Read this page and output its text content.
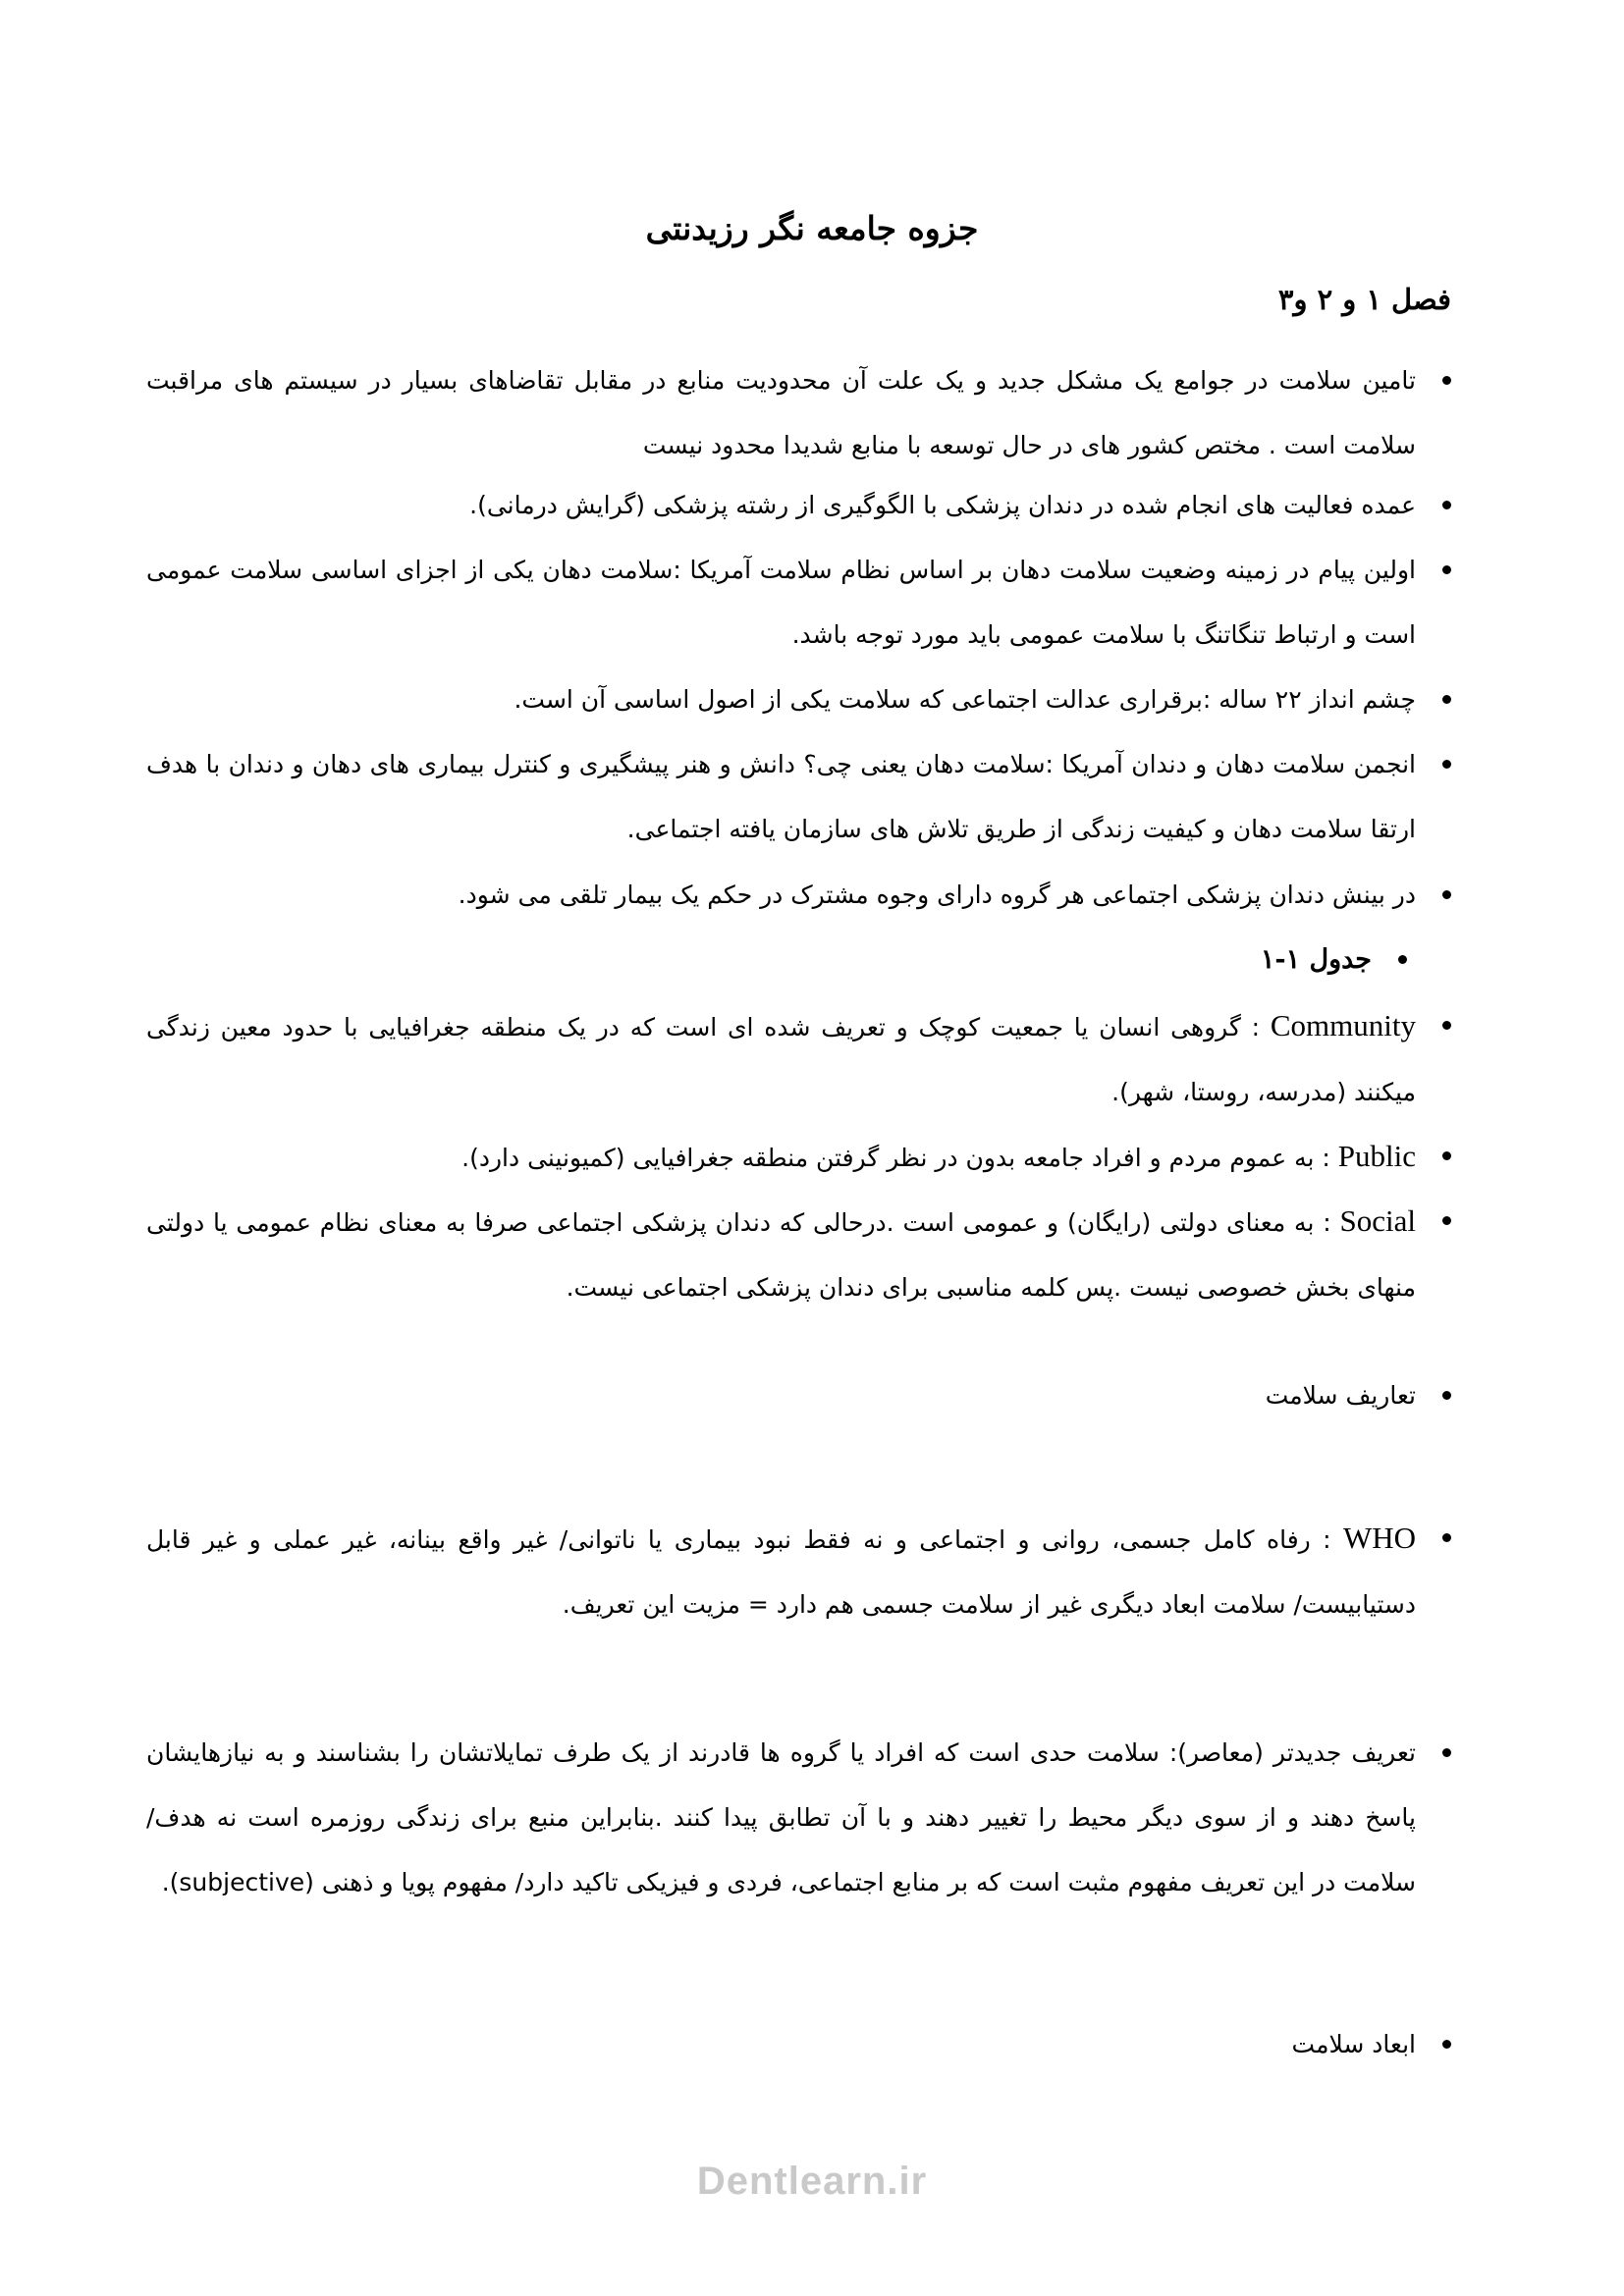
جزوه جامعه نگر رزیدنتی
فصل ۱ و ۲ و۳
تامین سلامت در جوامع یک مشکل جدید و یک علت آن محدودیت منابع در مقابل تقاضاهای بسیار در سیستم های مراقبت سلامت است . مختص کشور های در حال توسعه با منابع شدیدا محدود نیست
عمده فعالیت های انجام شده در دندان پزشکی با الگوگیری از رشته پزشکی (گرایش درمانی).
اولین پیام در زمینه وضعیت سلامت دهان بر اساس نظام سلامت آمریکا :سلامت دهان یکی از اجزای اساسی سلامت عمومی است و ارتباط تنگاتنگ با سلامت عمومی باید مورد توجه باشد.
چشم انداز ۲۲ ساله :برقراری عدالت اجتماعی که سلامت یکی از اصول اساسی آن است.
انجمن سلامت دهان و دندان آمریکا :سلامت دهان یعنی چی؟ دانش و هنر پیشگیری و کنترل بیماری های دهان و دندان با هدف ارتقا سلامت دهان و کیفیت زندگی از طریق تلاش های سازمان یافته اجتماعی.
در بینش دندان پزشکی اجتماعی هر گروه دارای وجوه مشترک در حکم یک بیمار تلقی می شود.
جدول ۱-۱
Community : گروهی انسان یا جمعیت کوچک و تعریف شده ای است که در یک منطقه جغرافیایی با حدود معین زندگی میکنند (مدرسه، روستا، شهر).
Public : به عموم مردم و افراد جامعه بدون در نظر گرفتن منطقه جغرافیایی (کمیونینی دارد).
Social : به معنای دولتی (رایگان) و عمومی است .درحالی که دندان پزشکی اجتماعی صرفا به معنای نظام عمومی یا دولتی منهای بخش خصوصی نیست .پس کلمه مناسبی برای دندان پزشکی اجتماعی نیست.
تعاریف سلامت
WHO : رفاه کامل جسمی، روانی و اجتماعی و نه فقط نبود بیماری یا ناتوانی/ غیر واقع بینانه، غیر عملی و غیر قابل دستیابیست/ سلامت ابعاد دیگری غیر از سلامت جسمی هم دارد = مزیت این تعریف.
تعریف جدیدتر (معاصر): سلامت حدی است که افراد یا گروه ها قادرند از یک طرف تمایلاتشان را بشناسند و به نیازهایشان پاسخ دهند و از سوی دیگر محیط را تغییر دهند و با آن تطابق پیدا کنند .بنابراین منبع برای زندگی روزمره است نه هدف/ سلامت در این تعریف مفهوم مثبت است که بر منابع اجتماعی، فردی و فیزیکی تاکید دارد/ مفهوم پویا و ذهنی (subjective).
ابعاد سلامت
Dentlearn.ir
